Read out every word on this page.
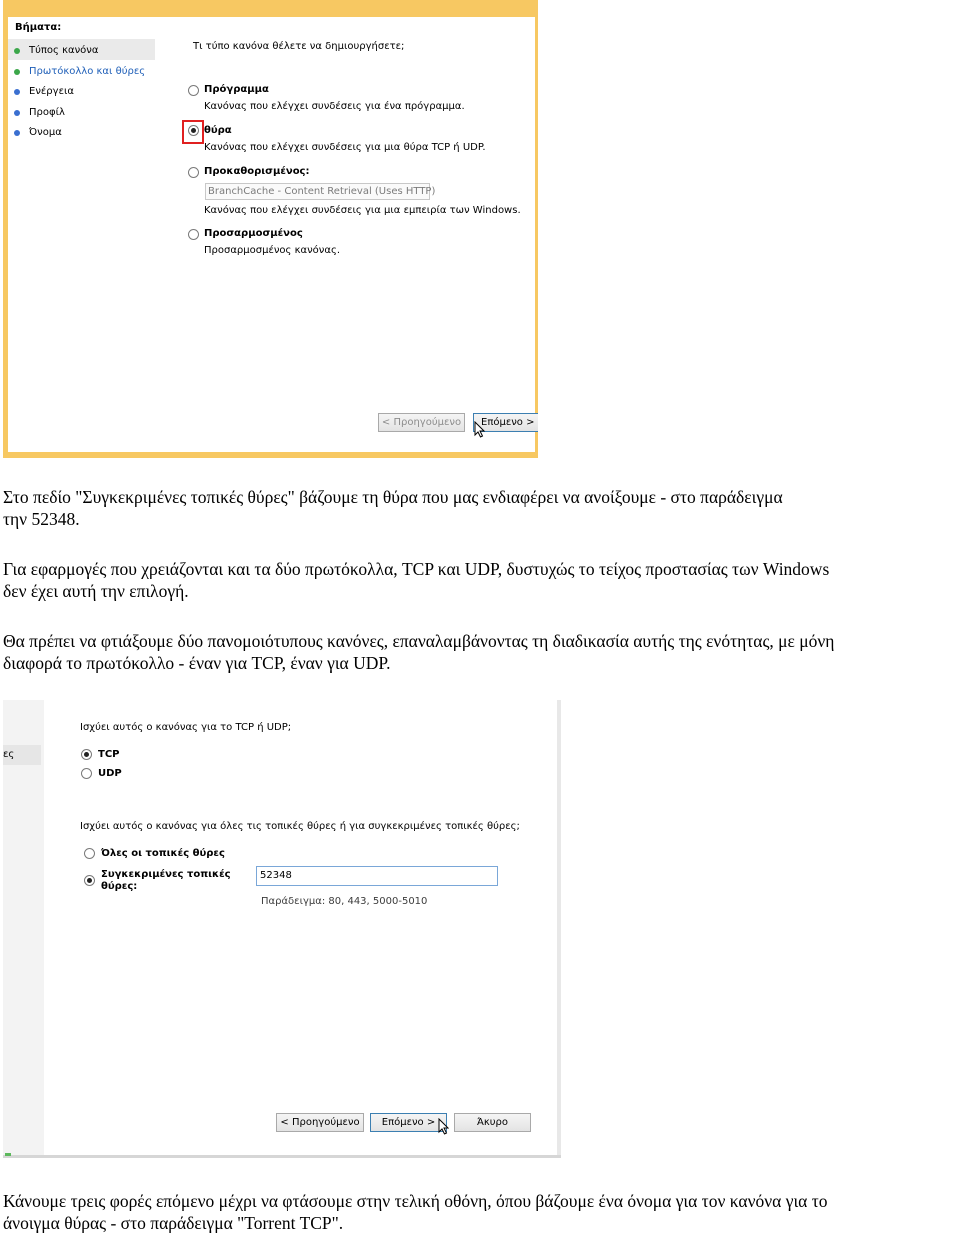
Βήματα:
Τύπος κανόνα
Πρωτόκολλο και θύρες
Ενέργεια
Προφίλ
Όνομα
Τι τύπο κανόνα θέλετε να δημιουργήσετε;
Πρόγραμμα
Κανόνας που ελέγχει συνδέσεις για ένα πρόγραμμα.
θύρα
Κανόνας που ελέγχει συνδέσεις για μια θύρα TCP ή UDP.
Προκαθορισμένος:
BranchCache - Content Retrieval (Uses HTTP)
Κανόνας που ελέγχει συνδέσεις για μια εμπειρία των Windows.
Προσαρμοσμένος
Προσαρμοσμένος κανόνας.
< Προηγούμενο	Επόμενο >
Στο πεδίο "Συγκεκριμένες τοπικές θύρες" βάζουμε τη θύρα που μας ενδιαφέρει να ανοίξουμε - στο παράδειγμα
την 52348.
Για εφαρμογές που χρειάζονται και τα δύο πρωτόκολλα, TCP και UDP, δυστυχώς το τείχος προστασίας των Windows
δεν έχει αυτή την επιλογή.
Θα πρέπει να φτιάξουμε δύο πανομοιότυπους κανόνες, επαναλαμβάνοντας τη διαδικασία αυτής της ενότητας, με μόνη
διαφορά το πρωτόκολλο - έναν για TCP, έναν για UDP.
ες
Ισχύει αυτός ο κανόνας για το TCP ή UDP;
TCP
UDP
Ισχύει αυτός ο κανόνας για όλες τις τοπικές θύρες ή για συγκεκριμένες τοπικές θύρες;
Όλες οι τοπικές θύρες
Συγκεκριμένες τοπικές
θύρες:
52348
Παράδειγμα: 80, 443, 5000-5010
< Προηγούμενο	Επόμενο >	Άκυρο
Κάνουμε τρεις φορές επόμενο μέχρι να φτάσουμε στην τελική οθόνη, όπου βάζουμε ένα όνομα για τον κανόνα για το
άνοιγμα θύρας - στο παράδειγμα "Torrent TCP".
